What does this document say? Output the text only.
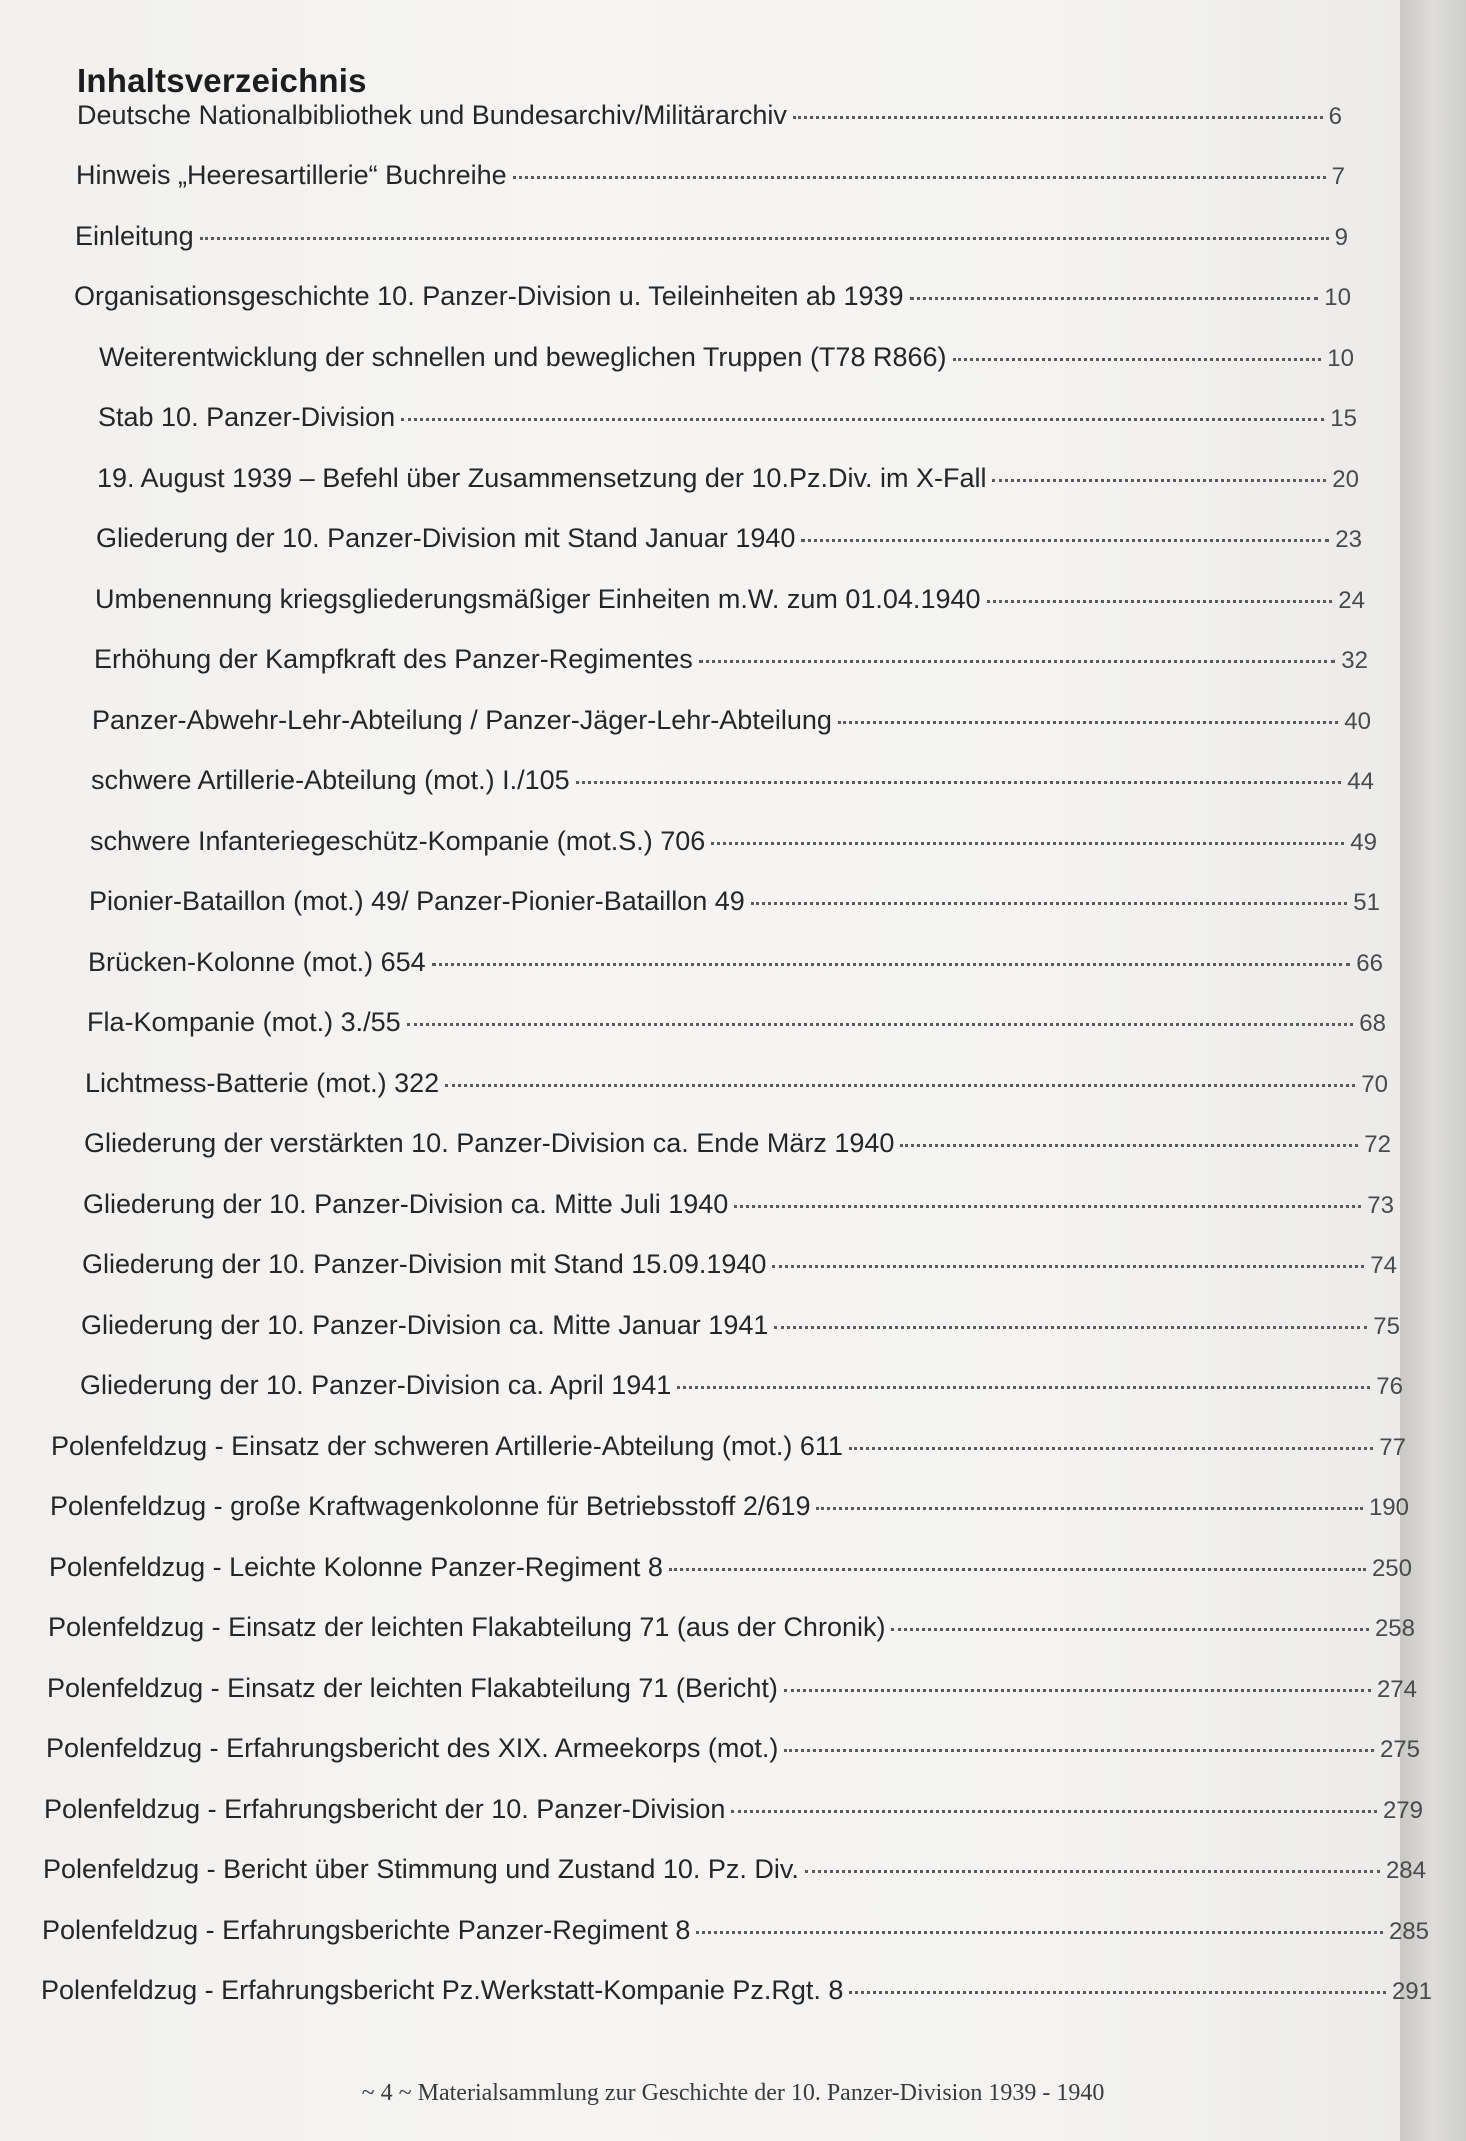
Inhaltsverzeichnis
Deutsche Nationalbibliothek und Bundesarchiv/Militärarchiv	6
Hinweis „Heeresartillerie“ Buchreihe	7
Einleitung	9
Organisationsgeschichte 10. Panzer-Division u. Teileinheiten ab 1939	10
Weiterentwicklung der schnellen und beweglichen Truppen (T78 R866)	10
Stab 10. Panzer-Division	15
19. August 1939 – Befehl über Zusammensetzung der 10.Pz.Div. im X-Fall	20
Gliederung der 10. Panzer-Division mit Stand Januar 1940	23
Umbenennung kriegsgliederungsmäßiger Einheiten m.W. zum 01.04.1940	24
Erhöhung der Kampfkraft des Panzer-Regimentes	32
Panzer-Abwehr-Lehr-Abteilung / Panzer-Jäger-Lehr-Abteilung	40
schwere Artillerie-Abteilung (mot.) I./105	44
schwere Infanteriegeschütz-Kompanie (mot.S.) 706	49
Pionier-Bataillon (mot.) 49/ Panzer-Pionier-Bataillon 49	51
Brücken-Kolonne (mot.) 654	66
Fla-Kompanie (mot.) 3./55	68
Lichtmess-Batterie (mot.) 322	70
Gliederung der verstärkten 10. Panzer-Division ca. Ende März 1940	72
Gliederung der 10. Panzer-Division ca. Mitte Juli 1940	73
Gliederung der 10. Panzer-Division mit Stand 15.09.1940	74
Gliederung der 10. Panzer-Division ca. Mitte Januar 1941	75
Gliederung der 10. Panzer-Division ca. April 1941	76
Polenfeldzug - Einsatz der schweren Artillerie-Abteilung (mot.) 611	77
Polenfeldzug - große Kraftwagenkolonne für Betriebsstoff 2/619	190
Polenfeldzug - Leichte Kolonne Panzer-Regiment 8	250
Polenfeldzug - Einsatz der leichten Flakabteilung 71 (aus der Chronik)	258
Polenfeldzug - Einsatz der leichten Flakabteilung 71 (Bericht)	274
Polenfeldzug - Erfahrungsbericht des XIX. Armeekorps (mot.)	275
Polenfeldzug - Erfahrungsbericht der 10. Panzer-Division	279
Polenfeldzug - Bericht über Stimmung und Zustand 10. Pz. Div.	284
Polenfeldzug - Erfahrungsberichte Panzer-Regiment 8	285
Polenfeldzug - Erfahrungsbericht Pz.Werkstatt-Kompanie Pz.Rgt. 8	291
~ 4 ~ Materialsammlung zur Geschichte der 10. Panzer-Division 1939 - 1940
